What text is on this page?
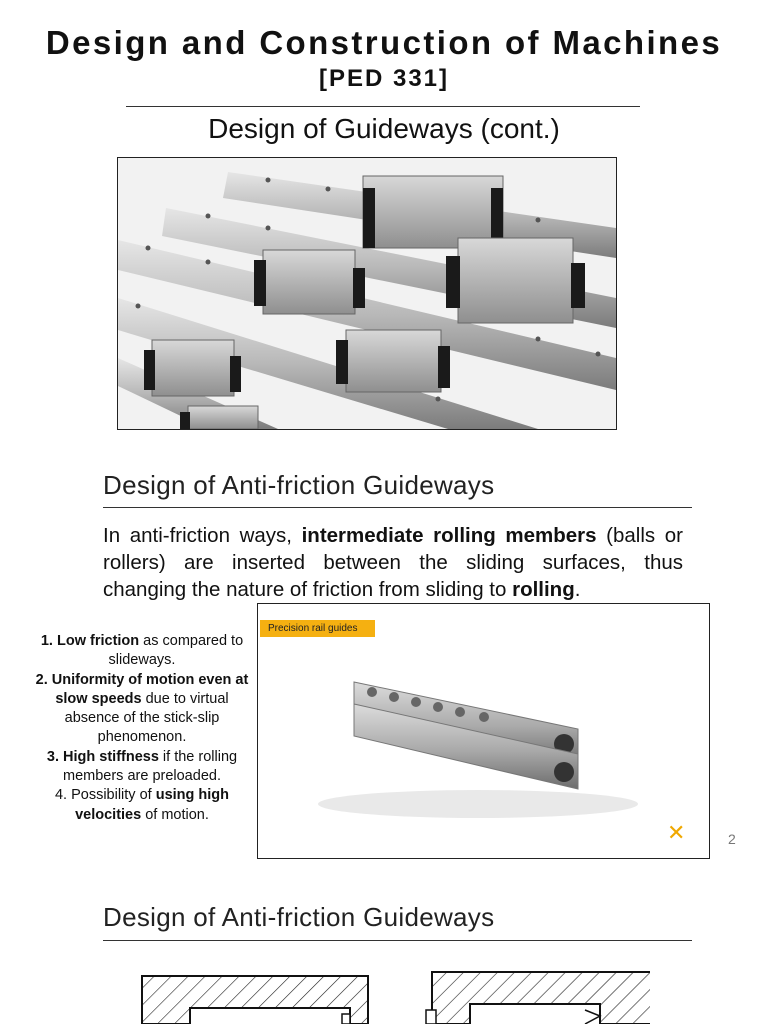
Design and Construction of Machines
[PED 331]
Design of Guideways (cont.)
Design of Anti-friction Guideways
In anti-friction ways, intermediate rolling members (balls or rollers) are inserted between the sliding surfaces, thus changing the nature of friction from sliding to rolling.

1. Low friction as compared to slideways.

2. Uniformity of motion even at slow speeds due to virtual absence of the stick-slip phenomenon.

3. High stiffness if the rolling members are preloaded.

4. Possibility of using high velocities of motion.

Precision rail guides
✕	2
Design of Anti-friction Guideways
